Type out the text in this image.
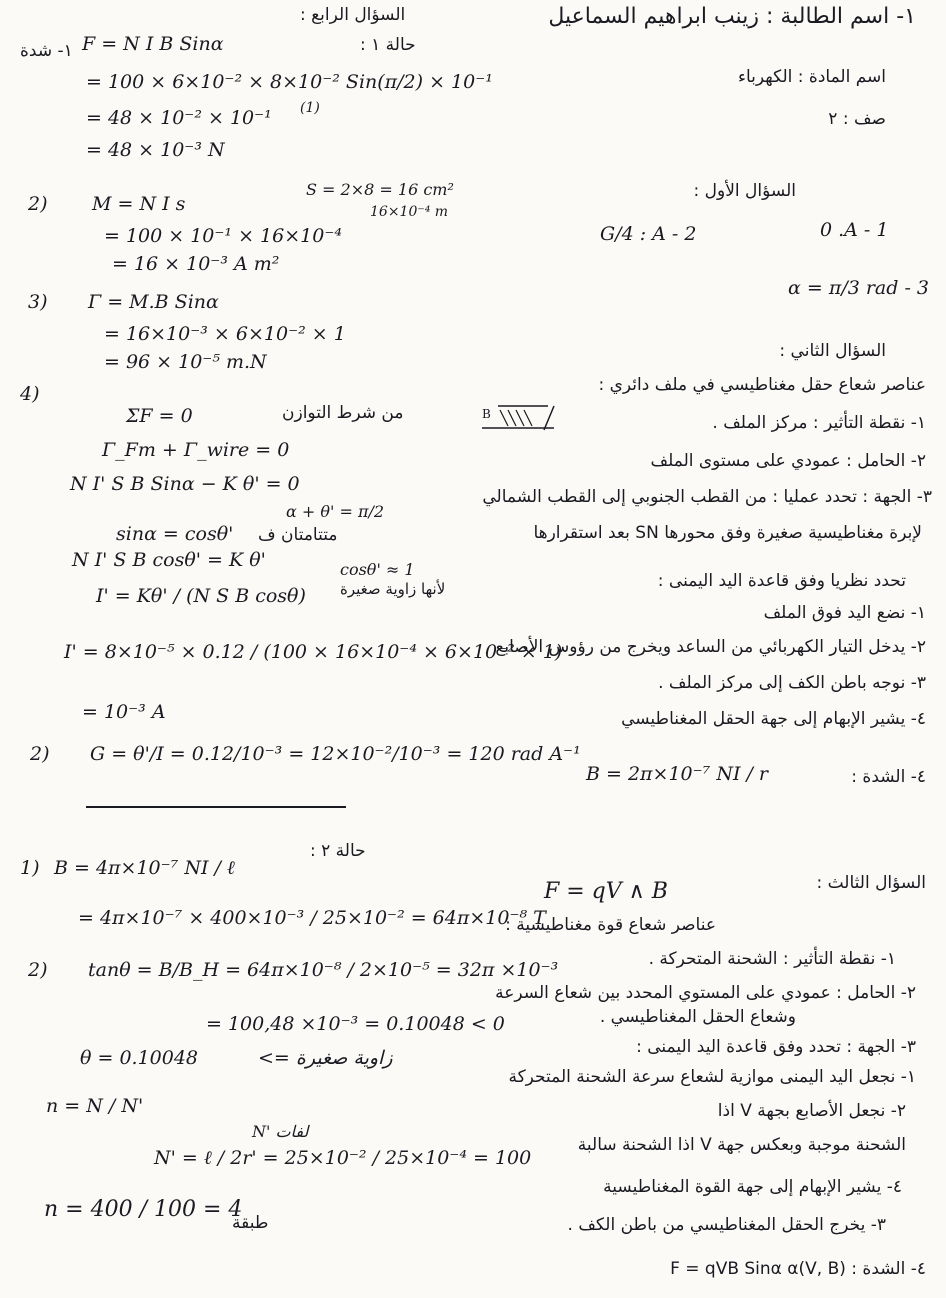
١- اسم الطالبة : زينب ابراهيم السماعيل
اسم المادة : الكهرباء
صف : ٢
السؤال الأول :
0 .A - 1
G/4 : A - 2
α = π/3 rad - 3
السؤال الثاني :
عناصر شعاع حقل مغناطيسي في ملف دائري :
B	١- نقطة التأثير : مركز الملف .
٢- الحامل : عمودي على مستوى الملف
٣- الجهة : تحدد عمليا : من القطب الجنوبي إلى القطب الشمالي
لإبرة مغناطيسية صغيرة وفق محورها SN بعد استقرارها
تحدد نظريا وفق قاعدة اليد اليمنى :
١- نضع اليد فوق الملف
٢- يدخل التيار الكهربائي من الساعد ويخرج من رؤوس الأصابع
٣- نوجه باطن الكف إلى مركز الملف .
٤- يشير الإبهام إلى جهة الحقل المغناطيسي
٤- الشدة :
B = 2π×10⁻⁷ NI / r
السؤال الثالث :
F = qV ∧ B
عناصر شعاع قوة مغناطيسية :
١- نقطة التأثير : الشحنة المتحركة .
٢- الحامل : عمودي على المستوي المحدد بين شعاع السرعة
وشعاع الحقل المغناطيسي .
٣- الجهة : تحدد وفق قاعدة اليد اليمنى :
١- نجعل اليد اليمنى موازية لشعاع سرعة الشحنة المتحركة
٢- نجعل الأصابع بجهة V اذا
الشحنة موجبة وبعكس جهة V اذا الشحنة سالبة
٤- يشير الإبهام إلى جهة القوة المغناطيسية
٣- يخرج الحقل المغناطيسي من باطن الكف .
٤- الشدة : F = qVB Sinα α(V, B)
السؤال الرابع :
حالة ١ :
١- شدة F = N I B Sinα
= 100 × 6×10⁻² × 8×10⁻² Sin(π/2) × 10⁻¹
(1)
= 48 × 10⁻² × 10⁻¹
= 48 × 10⁻³ N
2) M = N I s
S = 2×8 = 16 cm²
16×10⁻⁴ m
= 100 × 10⁻¹ × 16×10⁻⁴
= 16 × 10⁻³ A m²
3) Γ = M.B Sinα
= 16×10⁻³ × 6×10⁻² × 1
= 96 × 10⁻⁵ m.N
4)
ΣF = 0	من شرط التوازن
Γ_Fm + Γ_wire = 0
N I' S B Sinα − K θ' = 0
α + θ' = π/2
sinα = cosθ' متتامتان ف
N I' S B cosθ' = K θ'	cosθ' ≈ 1
لأنها زاوية صغيرة
I' = Kθ' / (N S B cosθ)
I' = 8×10⁻⁵ × 0.12 / (100 × 16×10⁻⁴ × 6×10⁻² × 1)
= 10⁻³ A
2) G = θ'/I = 0.12/10⁻³ = 12×10⁻²/10⁻³ = 120 rad A⁻¹
حالة ٢ :
1) B = 4π×10⁻⁷ NI / ℓ
= 4π×10⁻⁷ × 400×10⁻³ / 25×10⁻² = 64π×10⁻⁸ T
2) tanθ = B/B_H = 64π×10⁻⁸ / 2×10⁻⁵ = 32π ×10⁻³
= 100,48 ×10⁻³ = 0.10048 < 0
θ = 0.10048	<= زاوية صغيرة
n = N / N'
N' لفات
N' = ℓ / 2r' = 25×10⁻² / 25×10⁻⁴ = 100
n = 400 / 100 = 4
طبقة
